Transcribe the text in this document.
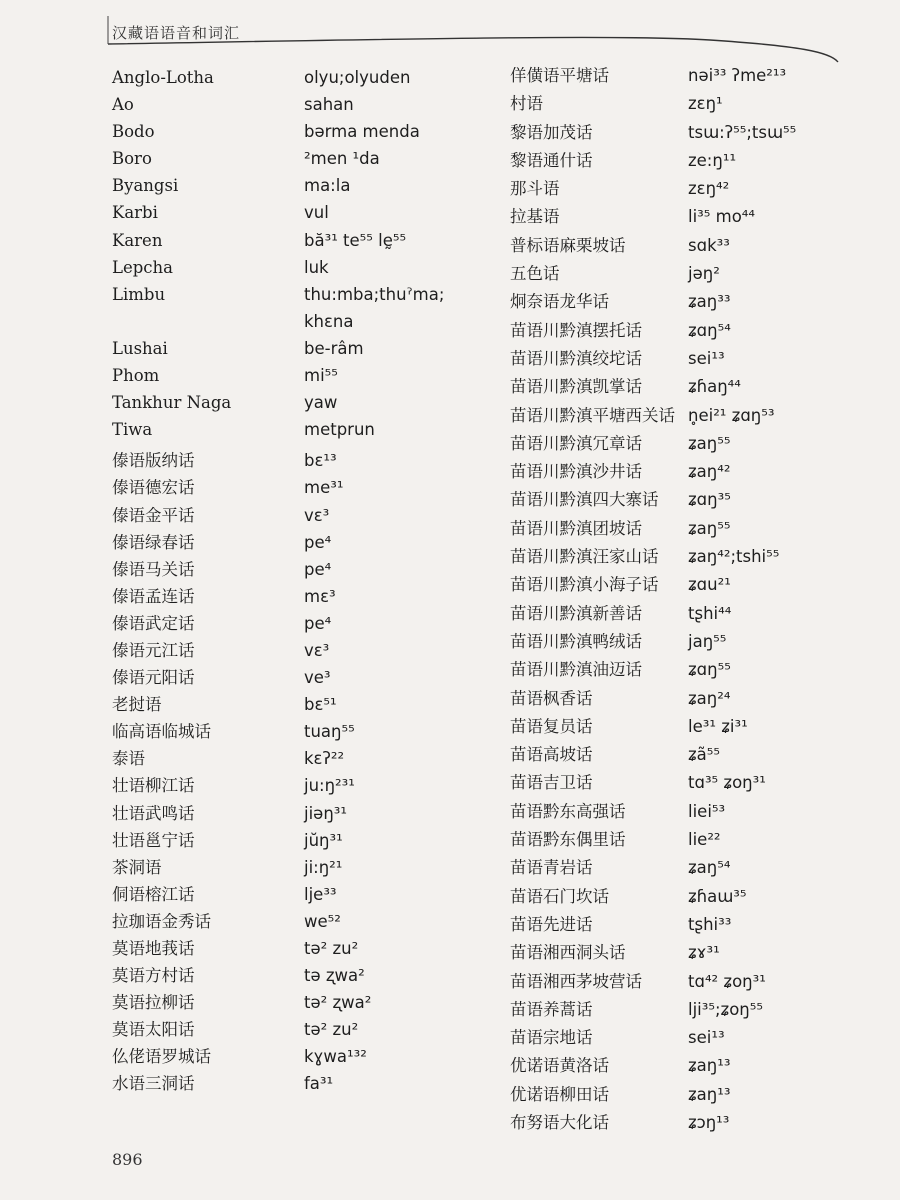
汉藏语语音和词汇
Anglo-Lotha	olyu;olyuden
Ao	sahan
Bodo	bərma menda
Boro	²men ¹da
Byangsi	ma:la
Karbi	vul
Karen	bă³¹ te⁵⁵ lḛ⁵⁵
Lepcha	luk
Limbu	thu:mba;thuˀma;
khɛna
Lushai	be-râm
Phom	mi⁵⁵
Tankhur Naga	yaw
Tiwa	metprun
傣语版纳话	bɛ¹³
傣语德宏话	me³¹
傣语金平话	vɛ³
傣语绿春话	pe⁴
傣语马关话	pe⁴
傣语孟连话	mɛ³
傣语武定话	pe⁴
傣语元江话	vɛ³
傣语元阳话	ve³
老挝语	bɛ⁵¹
临高语临城话	tuaŋ⁵⁵
泰语	kɛʔ²²
壮语柳江话	ju:ŋ²³¹
壮语武鸣话	jiəŋ³¹
壮语邕宁话	jŭŋ³¹
茶洞语	ji:ŋ²¹
侗语榕江话	lje³³
拉珈语金秀话	we⁵²
莫语地莪话	tə² zu²
莫语方村话	tə ʐwa²
莫语拉柳话	tə² ʐwa²
莫语太阳话	tə² zu²
仫佬语罗城话	kɣwa¹³²
水语三洞话	fa³¹
佯僙语平塘话	nəi³³ ʔme²¹³
村语	zɛŋ¹
黎语加茂话	tsɯ:ʔ⁵⁵;tsɯ⁵⁵
黎语通什话	ze:ŋ¹¹
那斗语	zɛŋ⁴²
拉基语	li³⁵ mo⁴⁴
普标语麻栗坡话	sɑk³³
五色话	jəŋ²
炯奈语龙华话	ʑaŋ³³
苗语川黔滇摆托话	ʑɑŋ⁵⁴
苗语川黔滇绞坨话	sei¹³
苗语川黔滇凯掌话	ʑɦaŋ⁴⁴
苗语川黔滇平塘西关话 n̥ei²¹ ʑɑŋ⁵³
苗语川黔滇冗章话	ʑaŋ⁵⁵
苗语川黔滇沙井话	ʑaŋ⁴²
苗语川黔滇四大寨话	ʑɑŋ³⁵
苗语川黔滇团坡话	ʑaŋ⁵⁵
苗语川黔滇汪家山话	ʑaŋ⁴²;tshi⁵⁵
苗语川黔滇小海子话	ʑɑu²¹
苗语川黔滇新善话	tʂhi⁴⁴
苗语川黔滇鸭绒话	jaŋ⁵⁵
苗语川黔滇油迈话	ʑɑŋ⁵⁵
苗语枫香话	ʑaŋ²⁴
苗语复员话	le³¹ ʑi³¹
苗语高坡话	ʑã⁵⁵
苗语吉卫话	tɑ³⁵ ʑoŋ³¹
苗语黔东高强话	liei⁵³
苗语黔东偶里话	lie²²
苗语青岩话	ʑaŋ⁵⁴
苗语石门坎话	ʑɦaɯ³⁵
苗语先进话	tʂhi³³
苗语湘西洞头话	ʑɤ³¹
苗语湘西茅坡营话	tɑ⁴² ʑoŋ³¹
苗语养蒿话	lji³⁵;ʑoŋ⁵⁵
苗语宗地话	sei¹³
优诺语黄洛话	ʑaŋ¹³
优诺语柳田话	ʑaŋ¹³
布努语大化话	ʑɔŋ¹³
896
